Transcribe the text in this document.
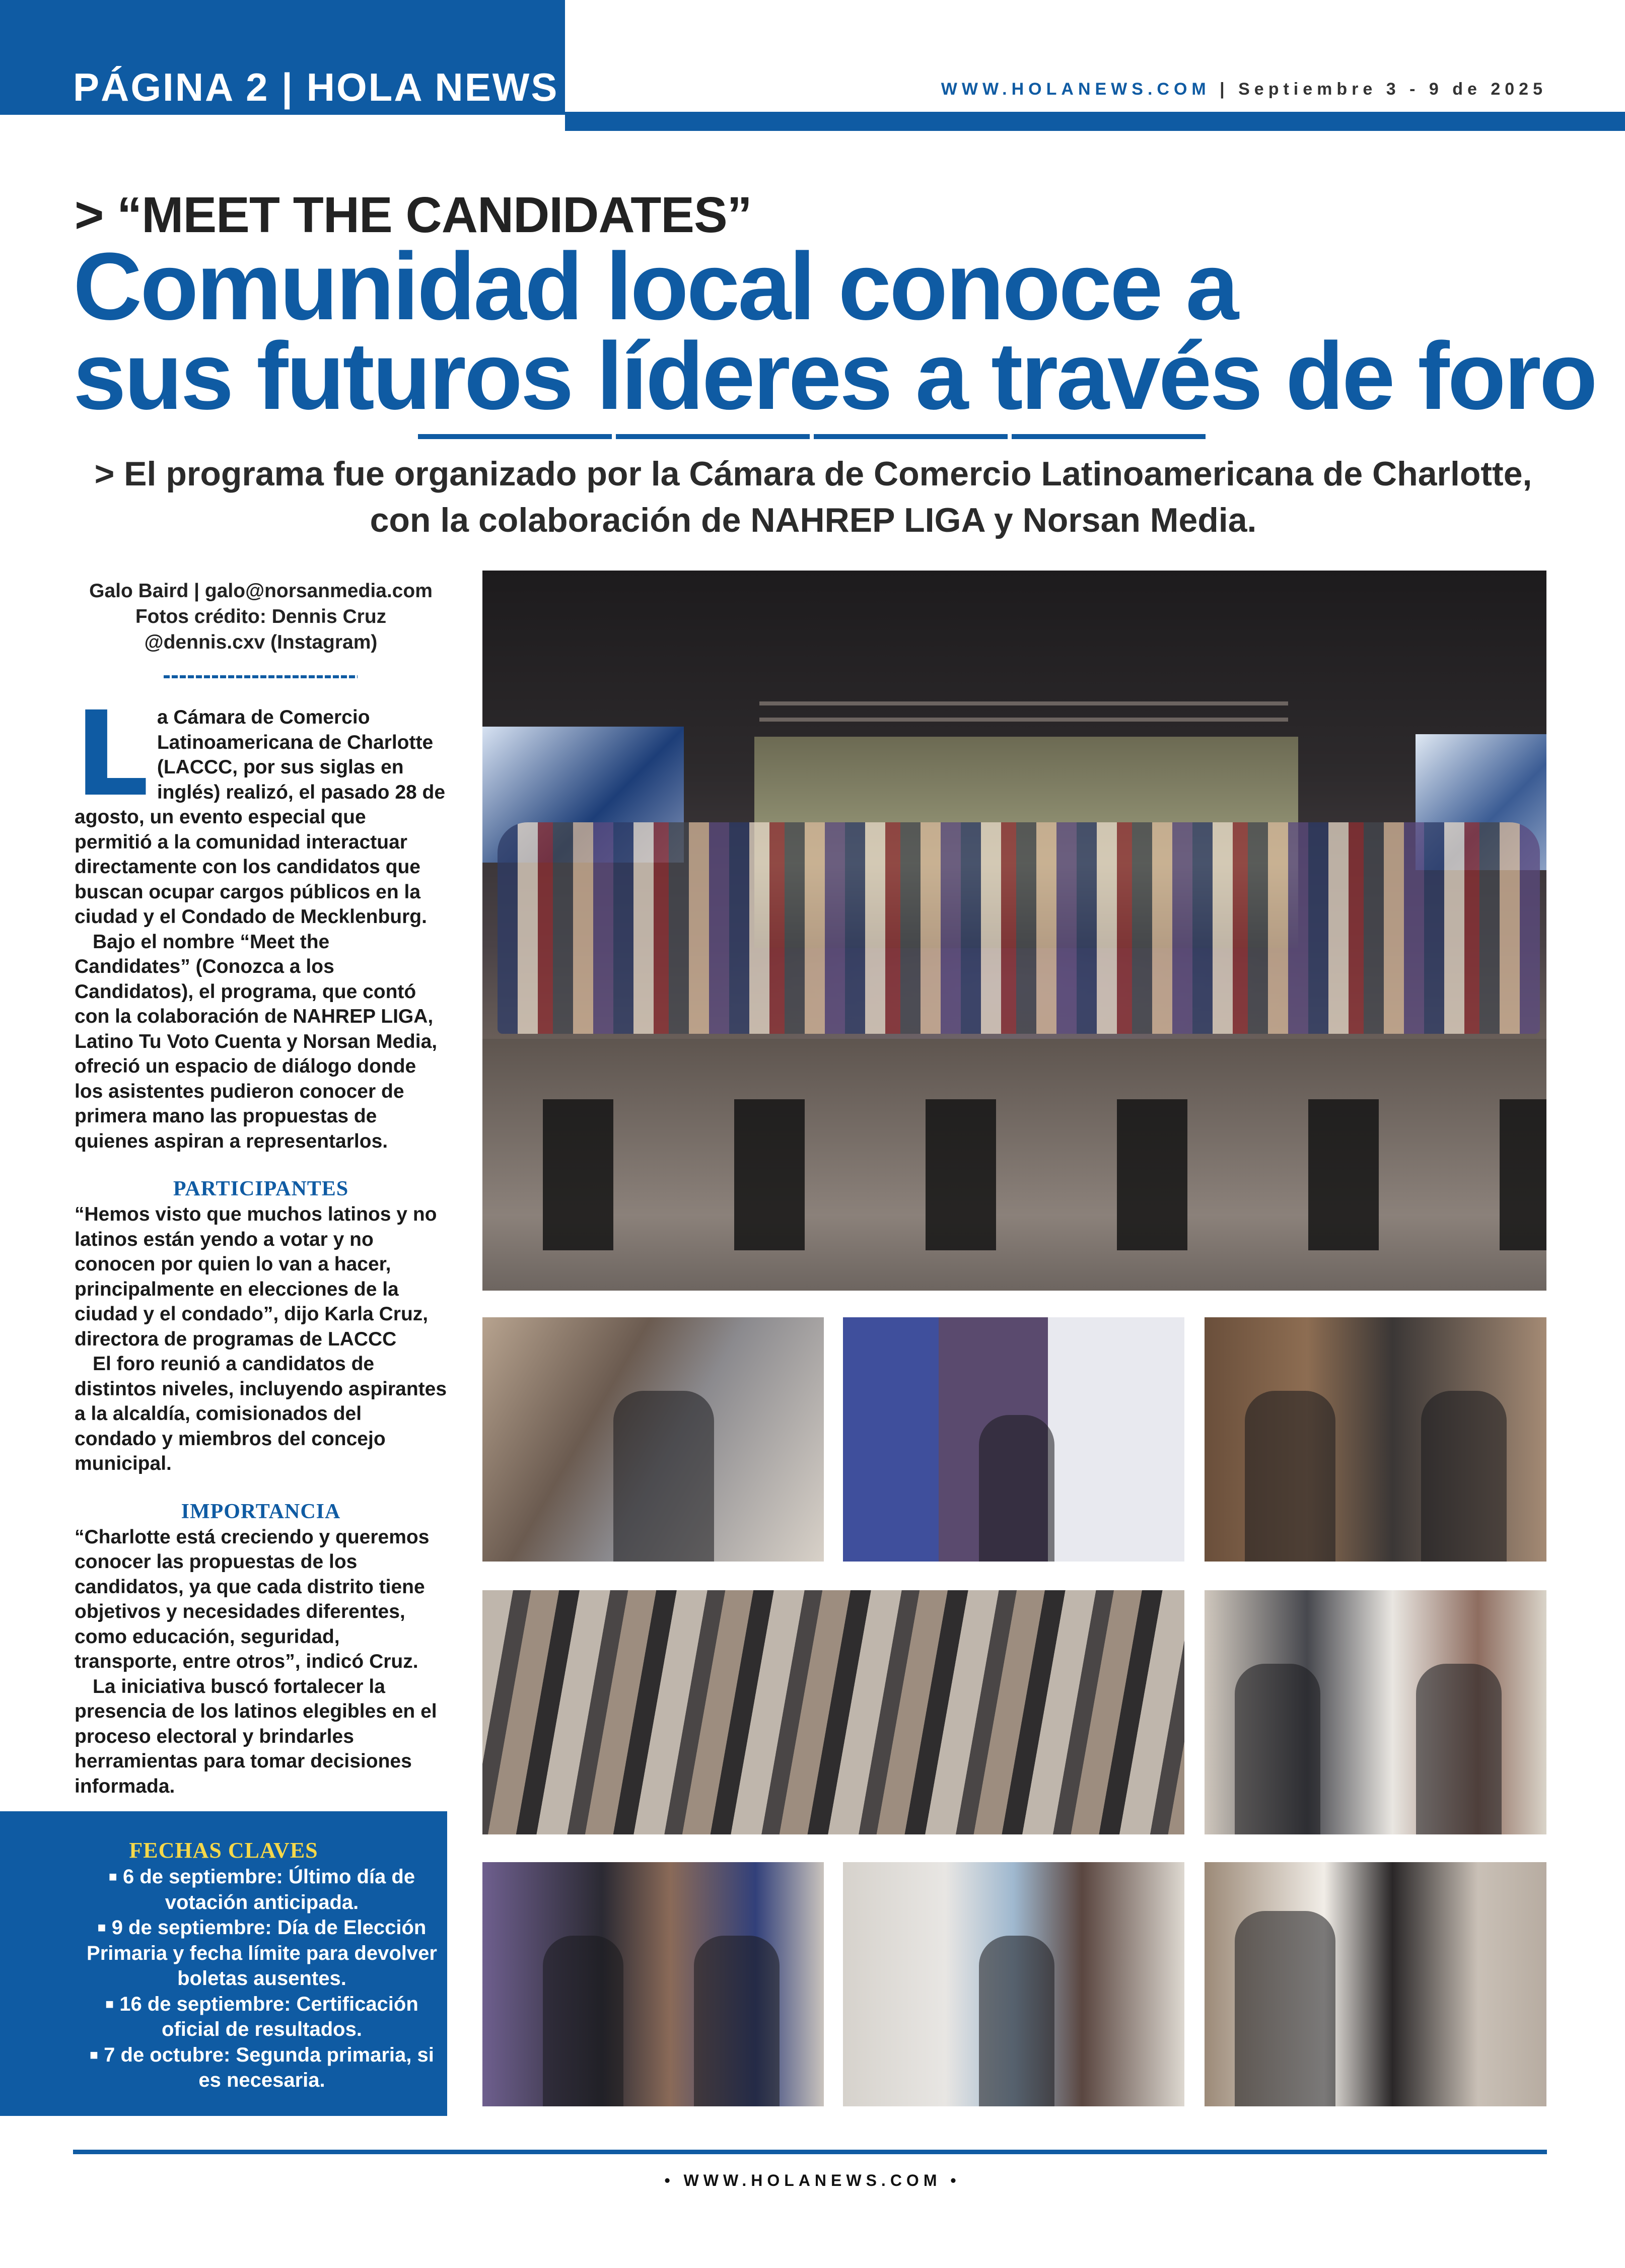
PÁGINA 2 | HOLA NEWS	WWW.HOLANEWS.COM | Septiembre 3 - 9 de 2025
> “MEET THE CANDIDATES”
Comunidad local conoce a
sus futuros líderes a través de foro
> El programa fue organizado por la Cámara de Comercio Latinoamericana de Charlotte,
con la colaboración de NAHREP LIGA y Norsan Media.
Galo Baird | galo@norsanmedia.com
Fotos crédito: Dennis Cruz
@dennis.cxv (Instagram)

La Cámara de Comercio Latinoamericana de Charlotte (LACCC, por sus siglas en inglés) realizó, el pasado 28 de agosto, un evento especial que permitió a la comunidad interactuar directamente con los candidatos que buscan ocupar cargos públicos en la ciudad y el Condado de Mecklenburg.

Bajo el nombre “Meet the Candidates” (Conozca a los Candidatos), el programa, que contó con la colaboración de NAHREP LIGA, Latino Tu Voto Cuenta y Norsan Media, ofreció un espacio de diálogo donde los asistentes pudieron conocer de primera mano las propuestas de quienes aspiran a representarlos.

PARTICIPANTES

“Hemos visto que muchos latinos y no latinos están yendo a votar y no conocen por quien lo van a hacer, principalmente en elecciones de la ciudad y el condado”, dijo Karla Cruz, directora de programas de LACCC

El foro reunió a candidatos de distintos niveles, incluyendo aspirantes a la alcaldía, comisionados del condado y miembros del concejo municipal.

IMPORTANCIA

“Charlotte está creciendo y queremos conocer las propuestas de los candidatos, ya que cada distrito tiene objetivos y necesidades diferentes, como educación, seguridad, transporte, entre otros”, indicó Cruz.

La iniciativa buscó fortalecer la presencia de los latinos elegibles en el proceso electoral y brindarles herramientas para tomar decisiones informada.

FECHAS CLAVES
■ 6 de septiembre: Último día de votación anticipada.
■ 9 de septiembre: Día de Elección Primaria y fecha límite para devolver boletas ausentes.
■ 16 de septiembre: Certificación oficial de resultados.
■ 7 de octubre: Segunda primaria, si es necesaria.
• WWW.HOLANEWS.COM •
